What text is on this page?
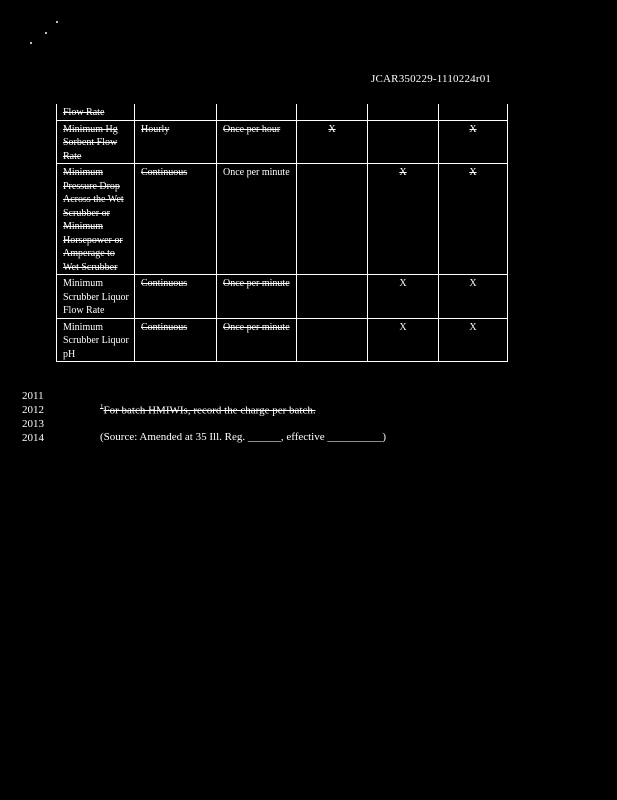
JCAR350229-1110224r01
Flow Rate					
Minimum Hg Sorbent Flow Rate	Hourly	Once per hour	X		X
Minimum Pressure Drop Across the Wet Scrubber or Minimum Horsepower or Amperage to Wet Scrubber	Continuous	Once per minute		X	X
Minimum Scrubber Liquor Flow Rate	Continuous	Once per minute		X	X
Minimum Scrubber Liquor pH	Continuous	Once per minute		X	X
2011
2012	$^1$For batch HMIWIs, record the charge per batch.
2013
2014	(Source: Amended at 35 Ill. Reg. ______, effective __________)
